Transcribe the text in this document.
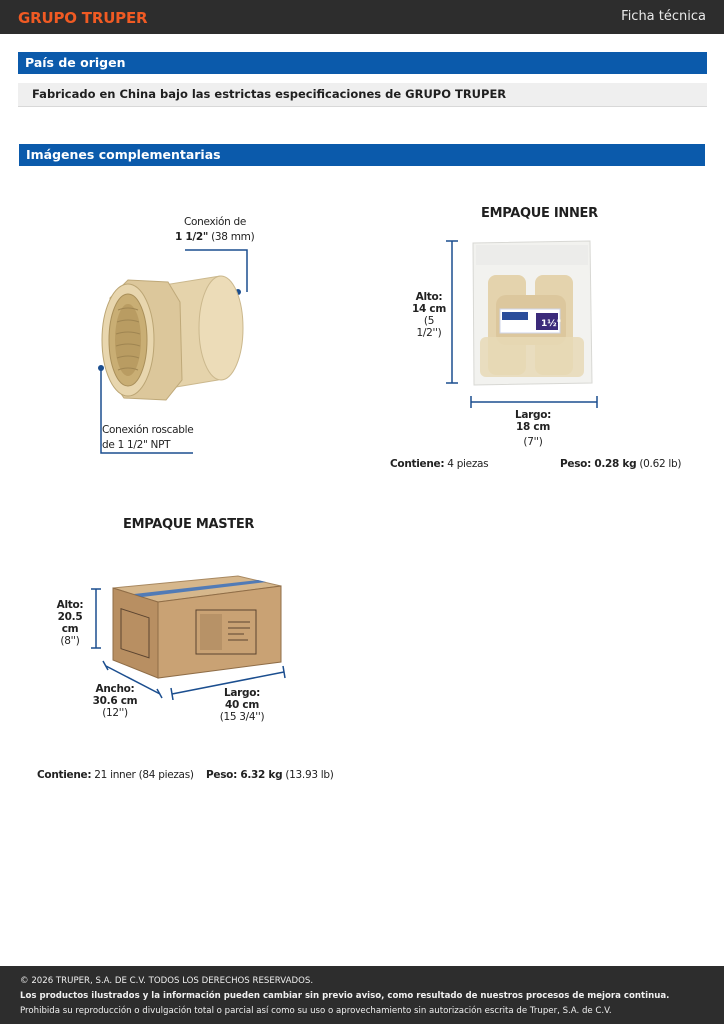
GRUPO TRUPER	Ficha técnica
País de origen
Fabricado en China bajo las estrictas especificaciones de GRUPO TRUPER
Imágenes complementarias
Conexión de
1 1/2" (38 mm)
Conexión roscable
de 1 1/2" NPT
EMPAQUE INNER
1½"
Alto:
14 cm
(5 1/2'')
Largo:
18 cm
(7'')
Contiene: 4 piezas	Peso: 0.28 kg (0.62 lb)
EMPAQUE MASTER
Alto:
20.5 cm
(8'')
Ancho:
30.6 cm
(12'')
Largo:
40 cm
(15 3/4'')
Contiene: 21 inner (84 piezas) Peso: 6.32 kg (13.93 lb)
© 2026 TRUPER, S.A. DE C.V. TODOS LOS DERECHOS RESERVADOS.
Los productos ilustrados y la información pueden cambiar sin previo aviso, como resultado de nuestros procesos de mejora continua.
Prohibida su reproducción o divulgación total o parcial así como su uso o aprovechamiento sin autorización escrita de Truper, S.A. de C.V.
